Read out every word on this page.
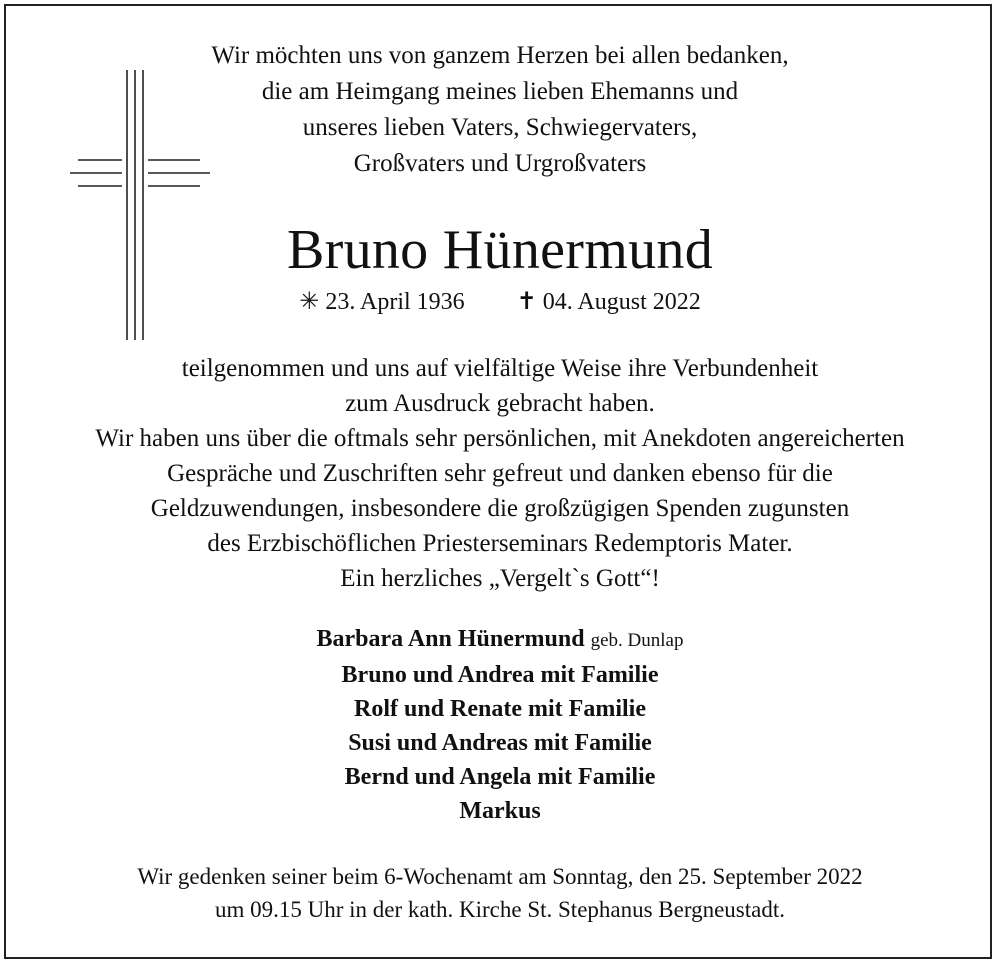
Wir möchten uns von ganzem Herzen bei allen bedanken,
die am Heimgang meines lieben Ehemanns und
unseres lieben Vaters, Schwiegervaters,
Großvaters und Urgroßvaters
Bruno Hünermund
✳ 23. April 1936 ✝ 04. August 2022
teilgenommen und uns auf vielfältige Weise ihre Verbundenheit
zum Ausdruck gebracht haben.
Wir haben uns über die oftmals sehr persönlichen, mit Anekdoten angereicherten
Gespräche und Zuschriften sehr gefreut und danken ebenso für die
Geldzuwendungen, insbesondere die großzügigen Spenden zugunsten
des Erzbischöflichen Priesterseminars Redemptoris Mater.
Ein herzliches „Vergelt`s Gott“!
Barbara Ann Hünermund geb. Dunlap
Bruno und Andrea mit Familie
Rolf und Renate mit Familie
Susi und Andreas mit Familie
Bernd und Angela mit Familie
Markus
Wir gedenken seiner beim 6-Wochenamt am Sonntag, den 25. September 2022
um 09.15 Uhr in der kath. Kirche St. Stephanus Bergneustadt.
